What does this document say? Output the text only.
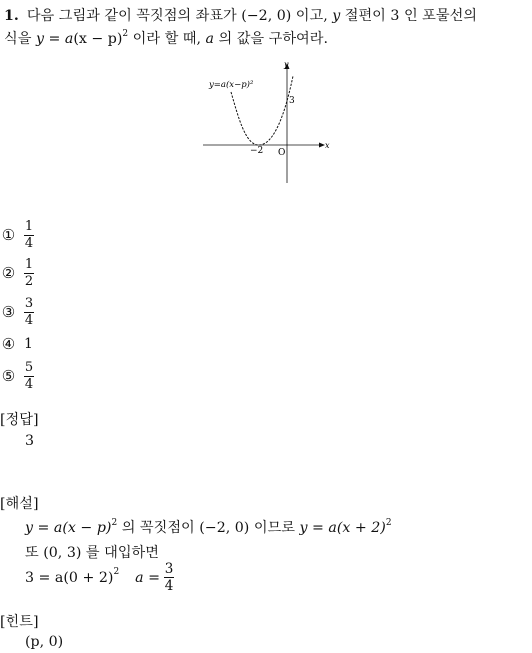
1. 다음 그림과 같이 꼭짓점의 좌표가 (−2, 0) 이고, y 절편이 3 인 포물선의
식을 $y = a(x - p)^2$ 이라 할 때, a 의 값을 구하여라.
y=a(x−p)²
y
x
−2 O
3
① $\frac{1}{4}$
② $\frac{1}{2}$
③ $\frac{3}{4}$
④ 1
⑤ $\frac{5}{4}$
[정답]
3
[해설]
$y = a(x - p)^2$ 의 꼭짓점이 (−2, 0) 이므로 $y = a(x + 2)^2$
또 (0, 3) 를 대입하면
$3 = a(0 + 2)^2$ a =
3
4
[힌트]
(p, 0)
